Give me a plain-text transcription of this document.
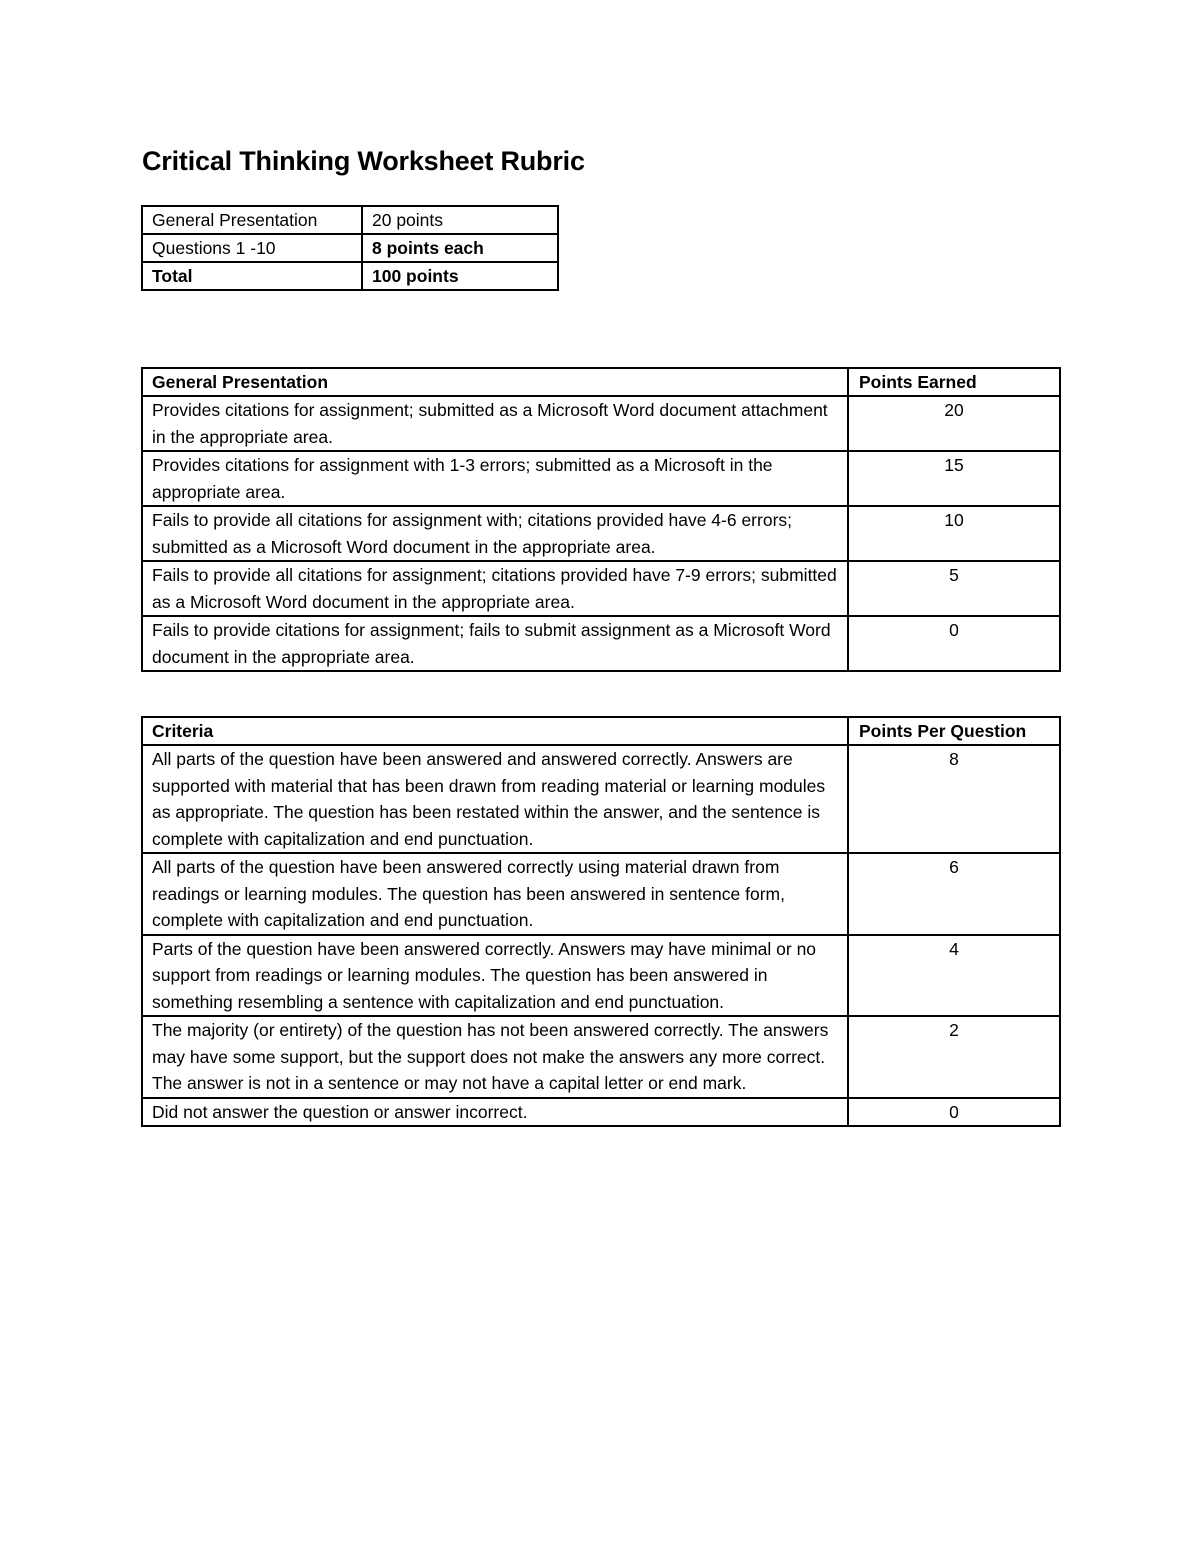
Critical Thinking Worksheet Rubric
General Presentation	20 points
Questions 1 -10	8 points each
Total	100 points
General Presentation	Points Earned
Provides citations for assignment; submitted as a Microsoft Word document attachment in the appropriate area.	20
Provides citations for assignment with 1-3 errors; submitted as a Microsoft in the appropriate area.	15
Fails to provide all citations for assignment with; citations provided have 4-6 errors; submitted as a Microsoft Word document in the appropriate area.	10
Fails to provide all citations for assignment; citations provided have 7-9 errors; submitted as a Microsoft Word document in the appropriate area.	5
Fails to provide citations for assignment; fails to submit assignment as a Microsoft Word document in the appropriate area.	0
Criteria	Points Per Question
All parts of the question have been answered and answered correctly. Answers are supported with material that has been drawn from reading material or learning modules as appropriate. The question has been restated within the answer, and the sentence is complete with capitalization and end punctuation.	8
All parts of the question have been answered correctly using material drawn from readings or learning modules. The question has been answered in sentence form, complete with capitalization and end punctuation.	6
Parts of the question have been answered correctly. Answers may have minimal or no support from readings or learning modules. The question has been answered in something resembling a sentence with capitalization and end punctuation.	4
The majority (or entirety) of the question has not been answered correctly. The answers may have some support, but the support does not make the answers any more correct. The answer is not in a sentence or may not have a capital letter or end mark.	2
Did not answer the question or answer incorrect.	0
